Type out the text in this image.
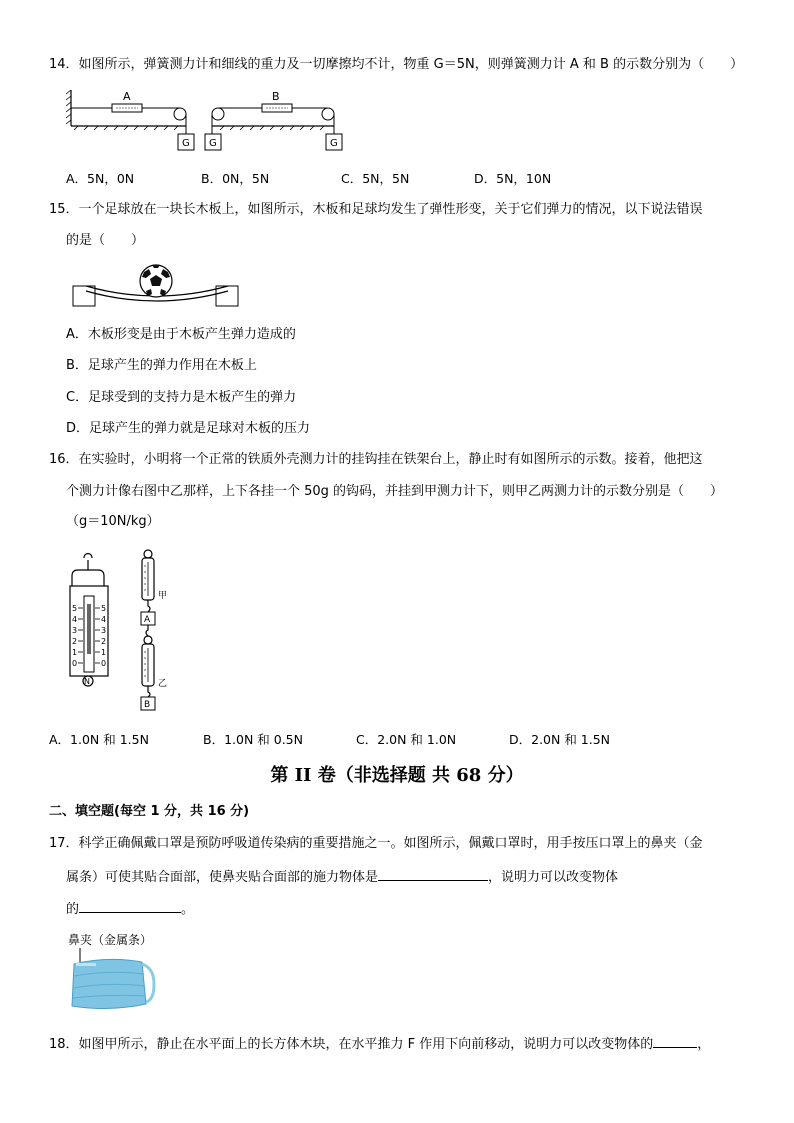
14．如图所示，弹簧测力计和细线的重力及一切摩擦均不计，物重 G＝5N，则弹簧测力计 A 和 B 的示数分别为（　　）
A
G
B
G	G
A．5N，0N	B．0N，5N	C．5N，5N	D．5N，10N
15．一个足球放在一块长木板上，如图所示，木板和足球均发生了弹性形变，关于它们弹力的情况，以下说法错误
的是（　　）
A．木板形变是由于木板产生弹力造成的
B．足球产生的弹力作用在木板上
C．足球受到的支持力是木板产生的弹力
D．足球产生的弹力就是足球对木板的压力
16．在实验时，小明将一个正常的铁质外壳测力计的挂钩挂在铁架台上，静止时有如图所示的示数。接着，他把这
个测力计像右图中乙那样，上下各挂一个 50g 的钩码，并挂到甲测力计下，则甲乙两测力计的示数分别是（　　）
（g＝10N/kg）
5
4
3
2
1
0
5
4
3
2
1
0
N
甲
A
乙
B
A．1.0N 和 1.5N	B．1.0N 和 0.5N	C．2.0N 和 1.0N	D．2.0N 和 1.5N
第 II 卷（非选择题 共 68 分）
二、填空题(每空 1 分，共 16 分)
17．科学正确佩戴口罩是预防呼吸道传染病的重要措施之一。如图所示，佩戴口罩时，用手按压口罩上的鼻夹（金
属条）可使其贴合面部，使鼻夹贴合面部的施力物体是	，说明力可以改变物体
的	。
鼻夹（金属条）
18．如图甲所示，静止在水平面上的长方体木块，在水平推力 F 作用下向前移动，说明力可以改变物体的	，
